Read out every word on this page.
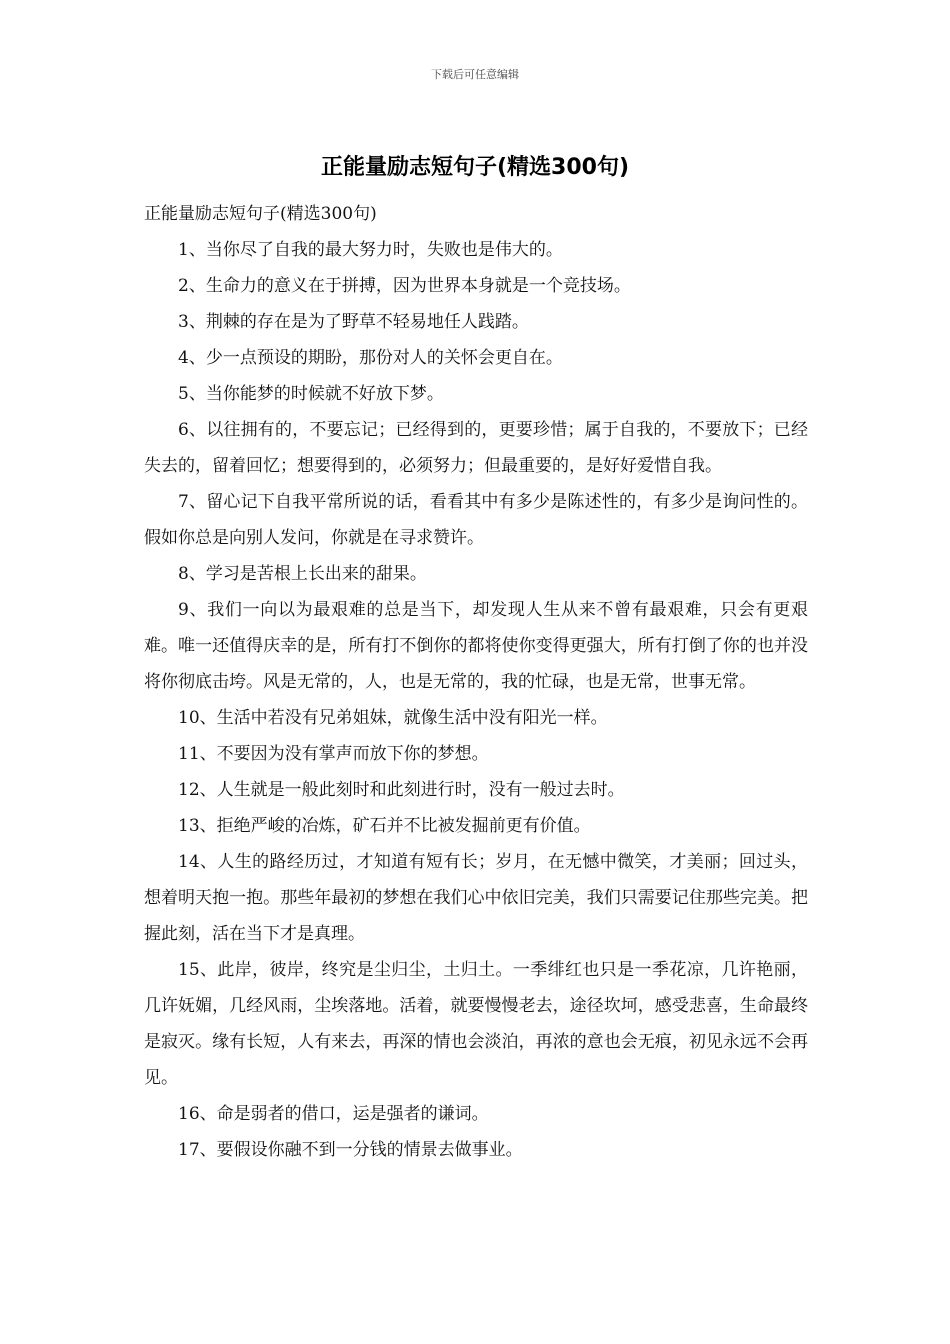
下载后可任意编辑
正能量励志短句子(精选300句)

正能量励志短句子(精选300句)

1、当你尽了自我的最大努力时，失败也是伟大的。

2、生命力的意义在于拼搏，因为世界本身就是一个竞技场。

3、荆棘的存在是为了野草不轻易地任人践踏。

4、少一点预设的期盼，那份对人的关怀会更自在。

5、当你能梦的时候就不好放下梦。

6、以往拥有的，不要忘记；已经得到的，更要珍惜；属于自我的，不要放下；已经失去的，留着回忆；想要得到的，必须努力；但最重要的，是好好爱惜自我。

7、留心记下自我平常所说的话，看看其中有多少是陈述性的，有多少是询问性的。假如你总是向别人发问，你就是在寻求赞许。

8、学习是苦根上长出来的甜果。

9、我们一向以为最艰难的总是当下，却发现人生从来不曾有最艰难，只会有更艰难。唯一还值得庆幸的是，所有打不倒你的都将使你变得更强大，所有打倒了你的也并没将你彻底击垮。风是无常的，人，也是无常的，我的忙碌，也是无常，世事无常。

10、生活中若没有兄弟姐妹，就像生活中没有阳光一样。

11、不要因为没有掌声而放下你的梦想。

12、人生就是一般此刻时和此刻进行时，没有一般过去时。

13、拒绝严峻的冶炼，矿石并不比被发掘前更有价值。

14、人生的路经历过，才知道有短有长；岁月，在无憾中微笑，才美丽；回过头，想着明天抱一抱。那些年最初的梦想在我们心中依旧完美，我们只需要记住那些完美。把握此刻，活在当下才是真理。

15、此岸，彼岸，终究是尘归尘，土归土。一季绯红也只是一季花凉，几许艳丽，几许妩媚，几经风雨，尘埃落地。活着，就要慢慢老去，途径坎坷，感受悲喜，生命最终是寂灭。缘有长短，人有来去，再深的情也会淡泊，再浓的意也会无痕，初见永远不会再见。

16、命是弱者的借口，运是强者的谦词。

17、要假设你融不到一分钱的情景去做事业。
